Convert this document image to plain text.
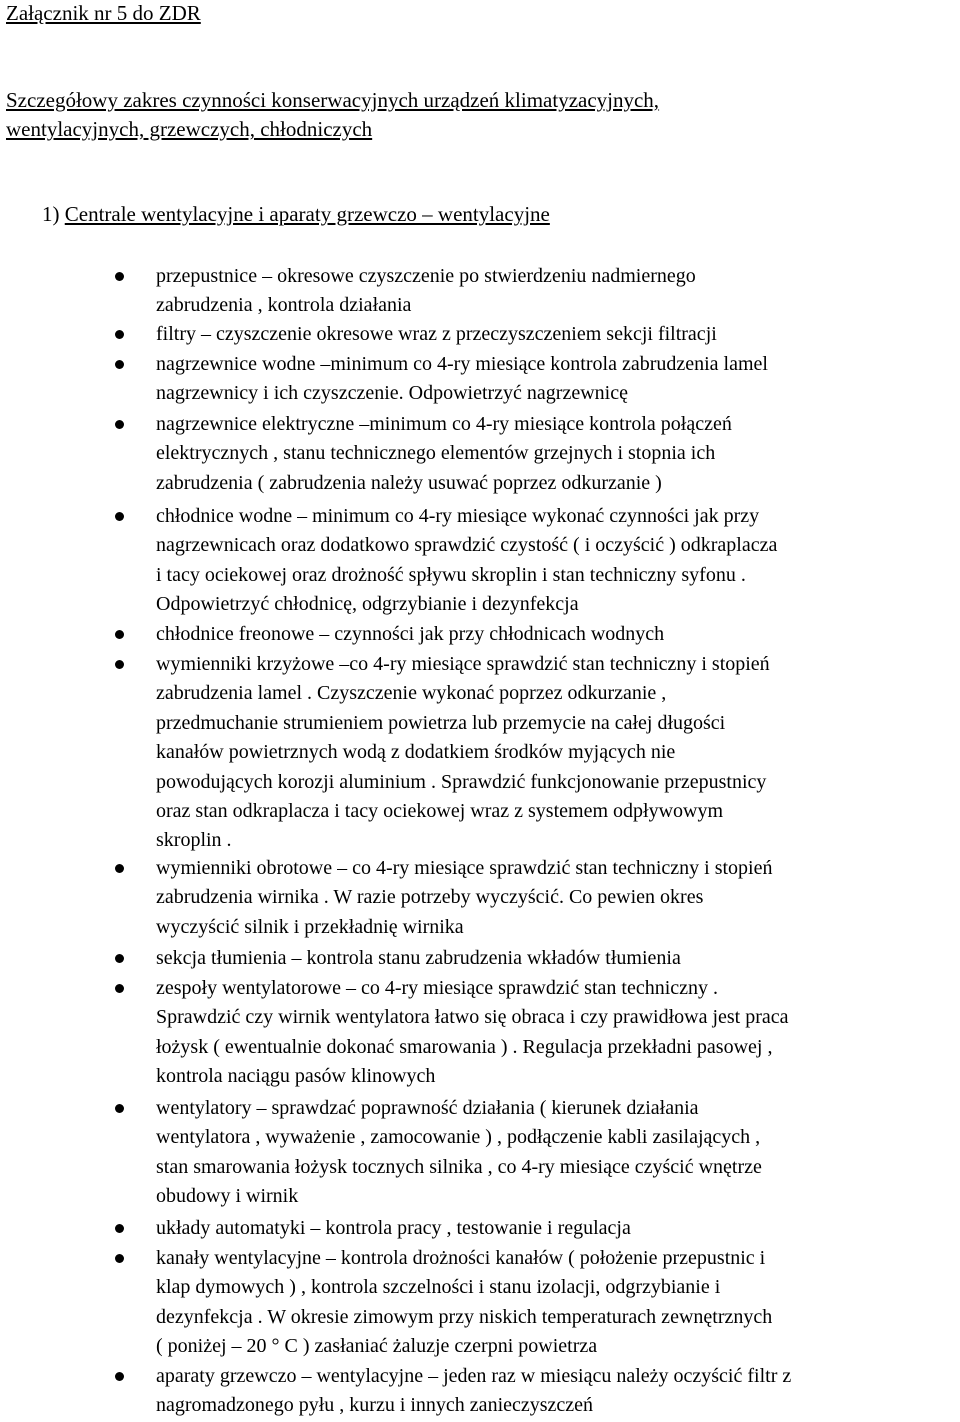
Załącznik nr 5 do ZDR
Szczegółowy zakres czynności konserwacyjnych urządzeń klimatyzacyjnych,
wentylacyjnych, grzewczych, chłodniczych
1) Centrale wentylacyjne i aparaty grzewczo – wentylacyjne
przepustnice – okresowe czyszczenie po stwierdzeniu nadmiernego
zabrudzenia , kontrola działania
filtry – czyszczenie okresowe wraz z przeczyszczeniem sekcji filtracji
nagrzewnice wodne –minimum co 4-ry miesiące kontrola zabrudzenia lamel
nagrzewnicy i ich czyszczenie. Odpowietrzyć nagrzewnicę
nagrzewnice elektryczne –minimum co 4-ry miesiące kontrola połączeń
elektrycznych , stanu technicznego elementów grzejnych i stopnia ich
zabrudzenia ( zabrudzenia należy usuwać poprzez odkurzanie )
chłodnice wodne – minimum co 4-ry miesiące wykonać czynności jak przy
nagrzewnicach oraz dodatkowo sprawdzić czystość ( i oczyścić ) odkraplacza
i tacy ociekowej oraz drożność spływu skroplin i stan techniczny syfonu .
Odpowietrzyć chłodnicę, odgrzybianie i dezynfekcja
chłodnice freonowe – czynności jak przy chłodnicach wodnych
wymienniki krzyżowe –co 4-ry miesiące sprawdzić stan techniczny i stopień
zabrudzenia lamel . Czyszczenie wykonać poprzez odkurzanie ,
przedmuchanie strumieniem powietrza lub przemycie na całej długości
kanałów powietrznych wodą z dodatkiem środków myjących nie
powodujących korozji aluminium . Sprawdzić funkcjonowanie przepustnicy
oraz stan odkraplacza i tacy ociekowej wraz z systemem odpływowym
skroplin .
wymienniki obrotowe – co 4-ry miesiące sprawdzić stan techniczny i stopień
zabrudzenia wirnika . W razie potrzeby wyczyścić. Co pewien okres
wyczyścić silnik i przekładnię wirnika
sekcja tłumienia – kontrola stanu zabrudzenia wkładów tłumienia
zespoły wentylatorowe – co 4-ry miesiące sprawdzić stan techniczny .
Sprawdzić czy wirnik wentylatora łatwo się obraca i czy prawidłowa jest praca
łożysk ( ewentualnie dokonać smarowania ) . Regulacja przekładni pasowej ,
kontrola naciągu pasów klinowych
wentylatory – sprawdzać poprawność działania ( kierunek działania
wentylatora , wyważenie , zamocowanie ) , podłączenie kabli zasilających ,
stan smarowania łożysk tocznych silnika , co 4-ry miesiące czyścić wnętrze
obudowy i wirnik
układy automatyki – kontrola pracy , testowanie i regulacja
kanały wentylacyjne – kontrola drożności kanałów ( położenie przepustnic i
klap dymowych ) , kontrola szczelności i stanu izolacji, odgrzybianie i
dezynfekcja . W okresie zimowym przy niskich temperaturach zewnętrznych
( poniżej – 20 ° C ) zasłaniać żaluzje czerpni powietrza
aparaty grzewczo – wentylacyjne – jeden raz w miesiącu należy oczyścić filtr z
nagromadzonego pyłu , kurzu i innych zanieczyszczeń
